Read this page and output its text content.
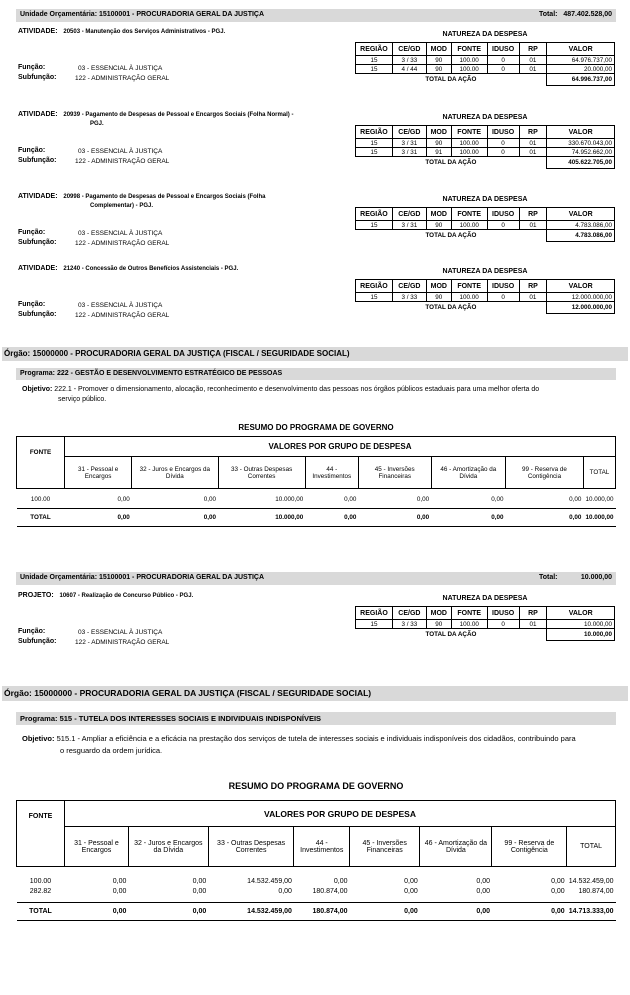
Unidade Orçamentária: 15100001 - PROCURADORIA GERAL DA JUSTIÇA	Total: 487.402.528,00
ATIVIDADE:   20503 - Manutenção dos Serviços Administrativos - PGJ.	NATUREZA DA DESPESA
REGIÃO	CE/GD	MOD	FONTE	IDUSO	RP	VALOR
15	3 / 33	90	100.00	0	01	64.976.737,00
15	4 / 44	90	100.00	0	01	20.000,00
TOTAL DA AÇÃO						64.996.737,00
Função:	03 - ESSENCIAL À JUSTIÇA
Subfunção:	122 - ADMINISTRAÇÃO GERAL
ATIVIDADE:   20939 - Pagamento de Despesas de Pessoal e Encargos Sociais (Folha Normal) -
PGJ.
NATUREZA DA DESPESA
REGIÃO	CE/GD	MOD	FONTE	IDUSO	RP	VALOR
15	3 / 31	90	100.00	0	01	330.670.043,00
15	3 / 31	91	100.00	0	01	74.952.662,00
TOTAL DA AÇÃO						405.622.705,00
Função:	03 - ESSENCIAL À JUSTIÇA
Subfunção:	122 - ADMINISTRAÇÃO GERAL
ATIVIDADE:   20998 - Pagamento de Despesas de Pessoal e Encargos Sociais (Folha
Complementar) - PGJ.
NATUREZA DA DESPESA
REGIÃO	CE/GD	MOD	FONTE	IDUSO	RP	VALOR
15	3 / 31	90	100.00	0	01	4.783.086,00
TOTAL DA AÇÃO						4.783.086,00
Função:	03 - ESSENCIAL À JUSTIÇA
Subfunção:	122 - ADMINISTRAÇÃO GERAL
ATIVIDADE:   21240 - Concessão de Outros Benefícios Assistenciais - PGJ.	NATUREZA DA DESPESA
REGIÃO	CE/GD	MOD	FONTE	IDUSO	RP	VALOR
15	3 / 33	90	100.00	0	01	12.000.000,00
TOTAL DA AÇÃO						12.000.000,00
Função:	03 - ESSENCIAL À JUSTIÇA
Subfunção:	122 - ADMINISTRAÇÃO GERAL
Órgão: 15000000 - PROCURADORIA GERAL DA JUSTIÇA (FISCAL / SEGURIDADE SOCIAL)
Programa: 222 - GESTÃO E DESENVOLVIMENTO ESTRATÉGICO DE PESSOAS
Objetivo: 222.1 - Promover o dimensionamento, alocação, reconhecimento e desenvolvimento das pessoas nos órgãos públicos estaduais para uma melhor oferta do
serviço público.
RESUMO DO PROGRAMA DE GOVERNO
FONTE	VALORES POR GRUPO DE DESPESA							
	31 - Pessoal e Encargos	32 - Juros e Encargos da Dívida	33 - Outras Despesas Correntes	44 - Investimentos	45 - Inversões Financeiras	46 - Amortização da Dívida	99 - Reserva de Contigência	TOTAL

100.00	0,00	0,00	10.000,00	0,00	0,00	0,00	0,00	10.000,00

TOTAL	0,00	0,00	10.000,00	0,00	0,00	0,00	0,00	10.000,00
Unidade Orçamentária: 15100001 - PROCURADORIA GERAL DA JUSTIÇA	Total:	10.000,00
PROJETO:   10607 - Realização de Concurso Público - PGJ.	NATUREZA DA DESPESA
REGIÃO	CE/GD	MOD	FONTE	IDUSO	RP	VALOR
15	3 / 33	90	100.00	0	01	10.000,00
TOTAL DA AÇÃO						10.000,00
Função:	03 - ESSENCIAL À JUSTIÇA
Subfunção:	122 - ADMINISTRAÇÃO GERAL
Órgão: 15000000 - PROCURADORIA GERAL DA JUSTIÇA (FISCAL / SEGURIDADE SOCIAL)
Programa: 515 - TUTELA DOS INTERESSES SOCIAIS E INDIVIDUAIS INDISPONÍVEIS
Objetivo: 515.1 - Ampliar a eficiência e a eficácia na prestação dos serviços de tutela de interesses sociais e individuais indisponíveis dos cidadãos, contribuindo para
o resguardo da ordem jurídica.
RESUMO DO PROGRAMA DE GOVERNO
FONTE	VALORES POR GRUPO DE DESPESA							
	31 - Pessoal e Encargos	32 - Juros e Encargos da Dívida	33 - Outras Despesas Correntes	44 - Investimentos	45 - Inversões Financeiras	46 - Amortização da Dívida	99 - Reserva de Contigência	TOTAL

100.00	0,00	0,00	14.532.459,00	0,00	0,00	0,00	0,00	14.532.459,00
282.82	0,00	0,00	0,00	180.874,00	0,00	0,00	0,00	180.874,00

TOTAL	0,00	0,00	14.532.459,00	180.874,00	0,00	0,00	0,00	14.713.333,00
